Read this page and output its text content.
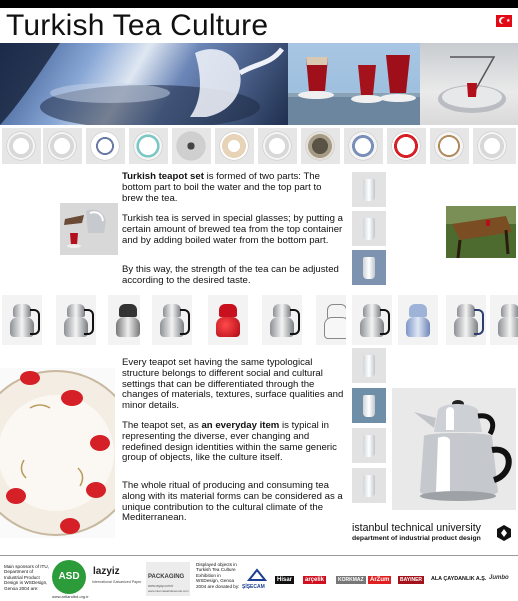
Turkish Tea Culture	★

Turkish teapot set is formed of two parts: The bottom part to boil the water and the top part to brew the tea.

Turkish tea is served in special glasses; by putting a certain amount of brewed tea from the top container and by adding boiled water from the bottom part.

By this way, the strength of the tea can be adjusted according to the desired taste.

Every teapot set having the same typological structure belongs to different social and cultural settings that can be differentiated through the changes of materials, textures, surface qualities and minor details.

The teapot set, as an everyday item is typical in representing the diverse, ever changing and redefined design identities within the same generic group of objects, like the culture itself.

The whole ritual of producing and consuming tea along with its material forms can be considered as a unique contribution to the cultural climate of the Mediterranean.

istanbul technical university
department of industrial product design
Main sponsors of ITU, Department of Industrial Product Design in WSDesign, Genoa 2004 are:
ASD
www.artlandbd.org.tr
lazyiz
International Galvanized Paper
PACKAGING
www.rayap.com.tr
www.intermasahdewoods.com
Displayed objects in Turkish Tea Culture Exhibition in WSDesign, Genoa 2004 are donated by: ŞİŞECAM
Hisar	arçelik	KORKMAZ	ArZum	BAYINER	ALA ÇAYDANLIK A.Ş. Jumbo
